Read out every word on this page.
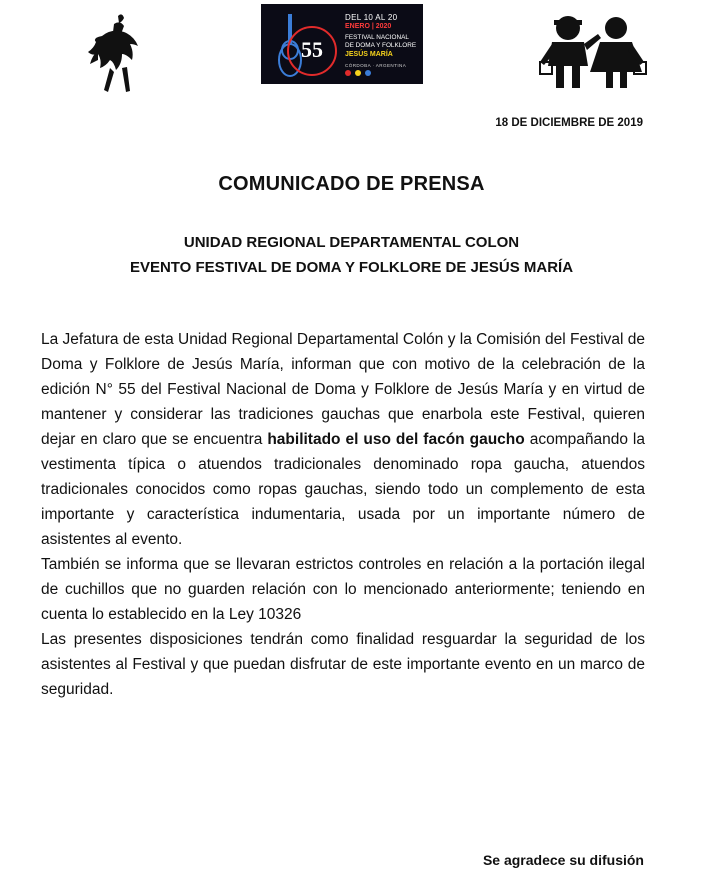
55
DEL 10 AL 20
ENERO | 2020
FESTIVAL NACIONAL
DE DOMA Y FOLKLORE
JESÚS MARÍA
CÓRDOBA · ARGENTINA
18 DE DICIEMBRE DE 2019
COMUNICADO DE PRENSA
UNIDAD REGIONAL DEPARTAMENTAL COLON
EVENTO FESTIVAL DE DOMA Y FOLKLORE DE JESÚS MARÍA

La Jefatura de esta Unidad Regional Departamental Colón y la Comisión del Festival de Doma y Folklore de Jesús María, informan que con motivo de la celebración de la edición N° 55 del Festival Nacional de Doma y Folklore de Jesús María y en virtud de mantener y considerar las tradiciones gauchas que enarbola este Festival, quieren dejar en claro que se encuentra habilitado el uso del facón gaucho acompañando la vestimenta típica o atuendos tradicionales denominado ropa gaucha, atuendos tradicionales conocidos como ropas gauchas, siendo todo un complemento de esta importante y característica indumentaria, usada por un importante número de asistentes al evento.

También se informa que se llevaran estrictos controles en relación a la portación ilegal de cuchillos que no guarden relación con lo mencionado anteriormente; teniendo en cuenta lo establecido en la Ley 10326

Las presentes disposiciones tendrán como finalidad resguardar la seguridad de los asistentes al Festival y que puedan disfrutar de este importante evento en un marco de seguridad.

Se agradece su difusión
